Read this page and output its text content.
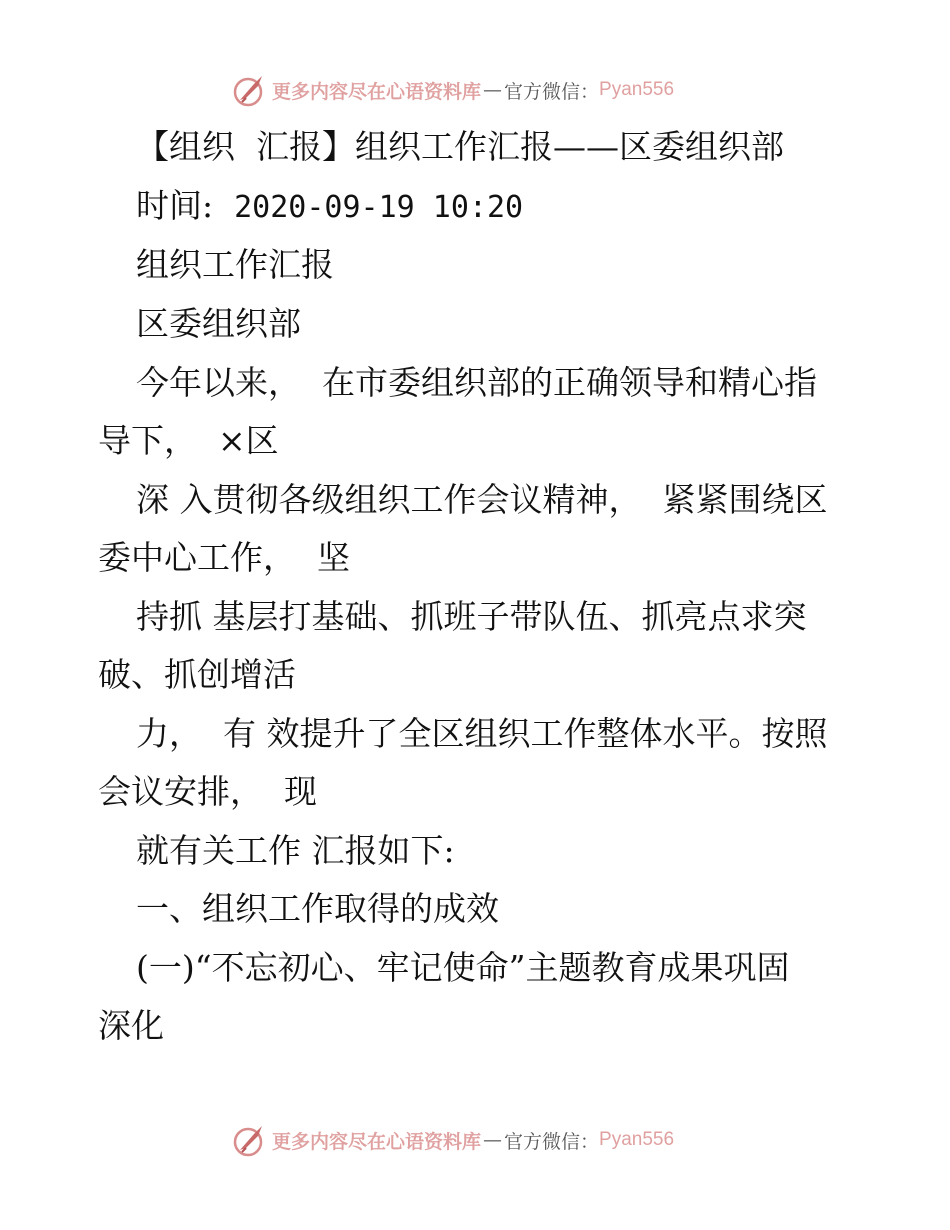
更多内容尽在心语资料库 — 官方微信： Pyan556
【组织  汇报】组织工作汇报——区委组织部
时间: 2020-09-19 10:20
组织工作汇报
区委组织部
今年以来，  在市委组织部的正确领导和精心指
导下，  ×区
深 入贯彻各级组织工作会议精神，  紧紧围绕区
委中心工作，  坚
持抓 基层打基础、抓班子带队伍、抓亮点求突
破、抓创增活
力，  有 效提升了全区组织工作整体水平。按照
会议安排，  现
就有关工作 汇报如下:
一、组织工作取得的成效
(一)“不忘初心、牢记使命”主题教育成果巩固
深化
更多内容尽在心语资料库 — 官方微信： Pyan556
